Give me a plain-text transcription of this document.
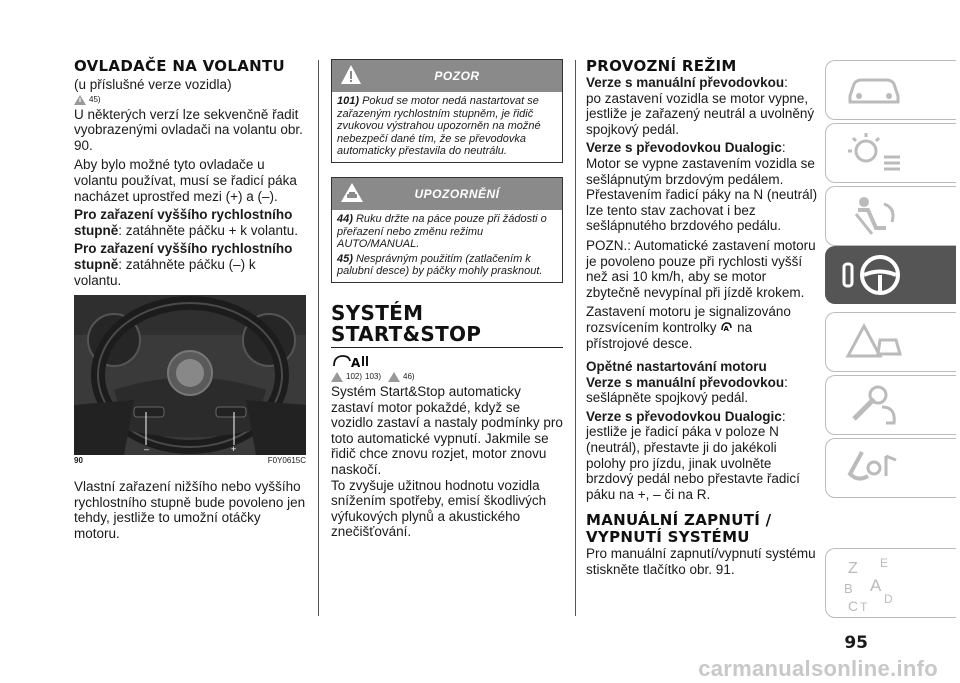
OVLADAČE NA VOLANTU

(u příslušné verze vozidla)

45)

U některých verzí lze sekvenčně řadit vyobrazenými ovladači na volantu obr. 90.

Aby bylo možné tyto ovladače u volantu používat, musí se řadicí páka nacházet uprostřed mezi (+) a (–).

Pro zařazení vyššího rychlostního stupně: zatáhněte páčku + k volantu.

Pro zařazení vyššího rychlostního stupně: zatáhněte páčku (–) k volantu.

–	+
90	F0Y0615C

Vlastní zařazení nižšího nebo vyššího rychlostního stupně bude povoleno jen tehdy, jestliže to umožní otáčky motoru.

POZOR
101) Pokud se motor nedá nastartovat se zařazeným rychlostním stupněm, je řidič zvukovou výstrahou upozorněn na možné nebezpečí dané tím, že se převodovka automaticky přestavila do neutrálu.
UPOZORNĚNÍ
44) Ruku držte na páce pouze při žádosti o přeřazení nebo změnu režimu AUTO/MANUAL.
45) Nesprávným použitím (zatlačením k palubní desce) by páčky mohly prasknout.
SYSTÉM
START&STOP
A
102) 103)	46)

Systém Start&Stop automaticky zastaví motor pokaždé, když se vozidlo zastaví a nastaly podmínky pro toto automatické vypnutí. Jakmile se řidič chce znovu rozjet, motor znovu naskočí.

To zvyšuje užitnou hodnotu vozidla snížením spotřeby, emisí škodlivých výfukových plynů a akustického znečišťování.

PROVOZNÍ REŽIM

Verze s manuální převodovkou:

po zastavení vozidla se motor vypne, jestliže je zařazený neutrál a uvolněný spojkový pedál.

Verze s převodovkou Dualogic:

Motor se vypne zastavením vozidla se sešlápnutým brzdovým pedálem. Přestavením řadicí páky na N (neutrál) lze tento stav zachovat i bez sešlápnutého brzdového pedálu.

POZN.: Automatické zastavení motoru je povoleno pouze při rychlosti vyšší než asi 10 km/h, aby se motor zbytečně nevypínal při jízdě krokem.

Zastavení motoru je signalizováno rozsvícením kontrolky A na přístrojové desce.

Opětné nastartování motoru

Verze s manuální převodovkou:

sešlápněte spojkový pedál.

Verze s převodovkou Dualogic:

jestliže je řadicí páka v poloze N (neutrál), přestavte ji do jakékoli polohy pro jízdu, jinak uvolněte brzdový pedál nebo přestavte řadicí páku na +, – či na R.

MANUÁLNÍ ZAPNUTÍ /
VYPNUTÍ SYSTÉMU

Pro manuální zapnutí/vypnutí systému stiskněte tlačítko obr. 91.	Z E
B A
C T
D
95
carmanualsonline.info
